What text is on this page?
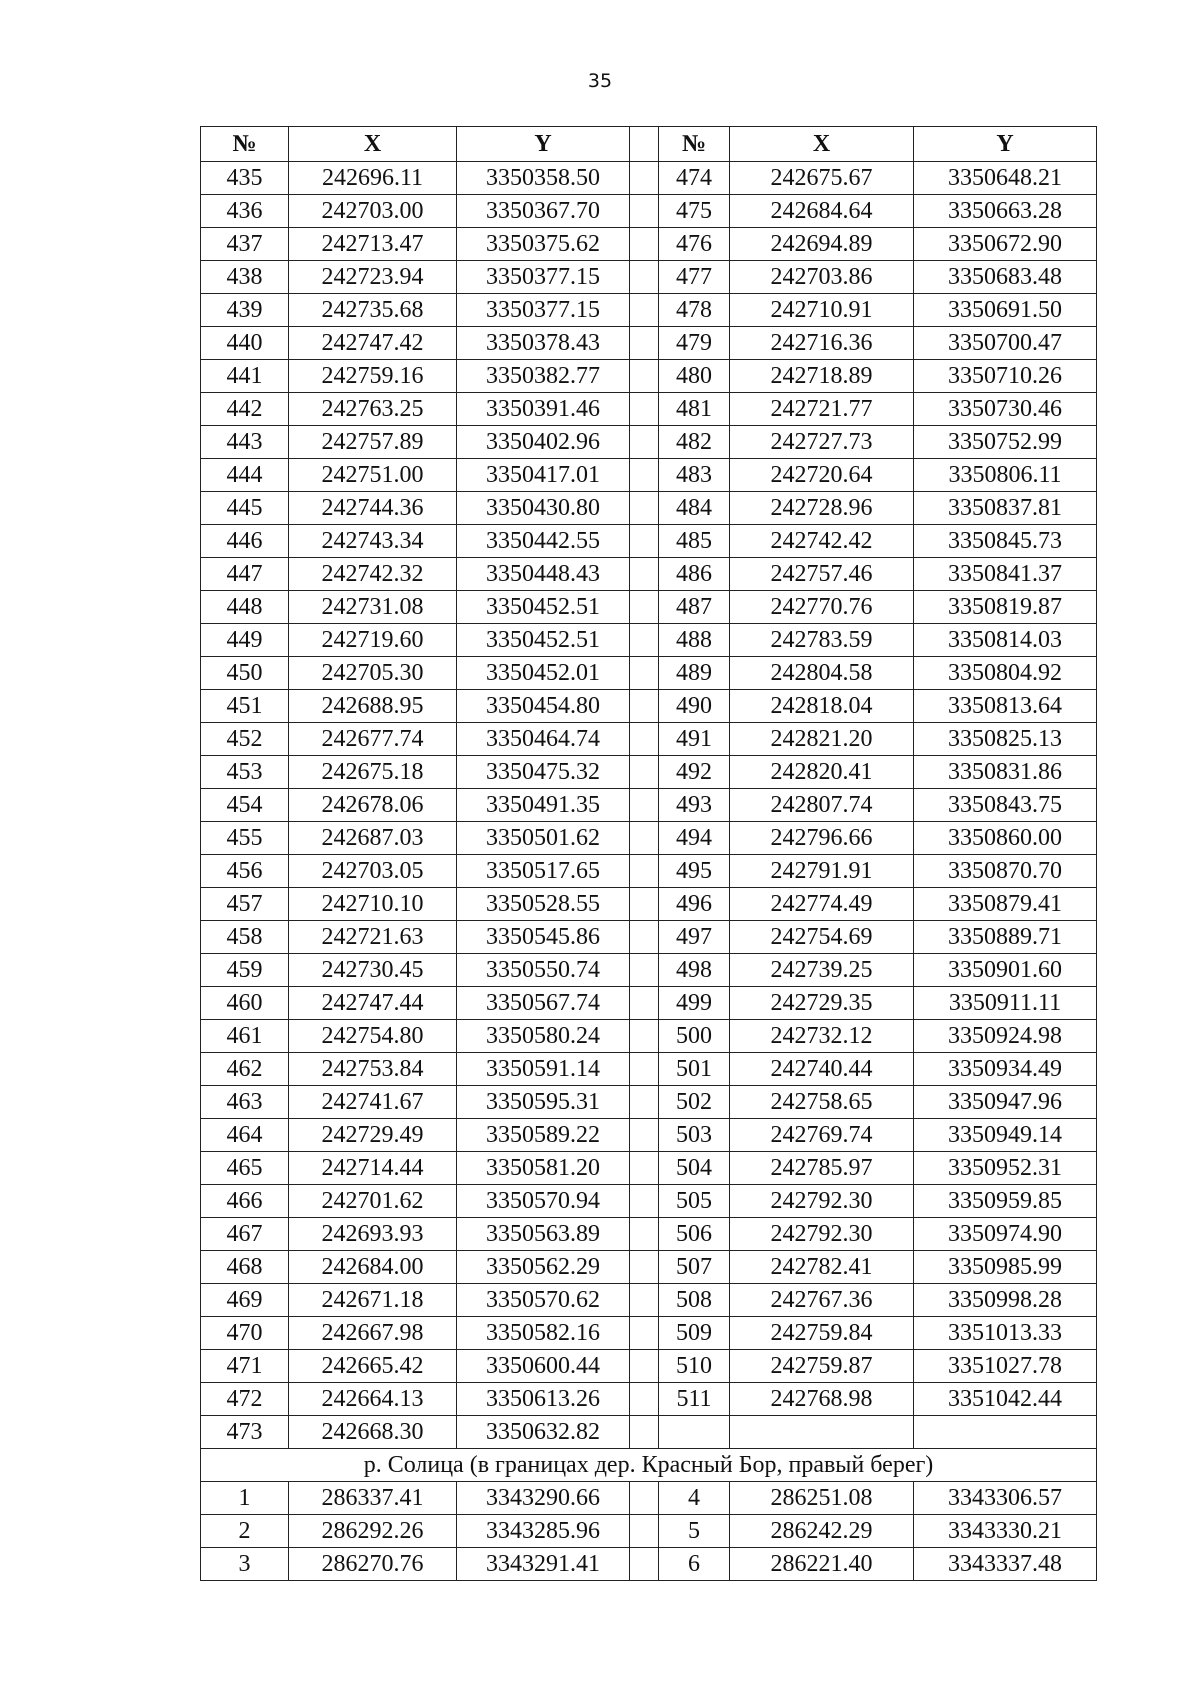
35
№	X	Y		№	X	Y
435	242696.11	3350358.50		474	242675.67	3350648.21
436	242703.00	3350367.70		475	242684.64	3350663.28
437	242713.47	3350375.62		476	242694.89	3350672.90
438	242723.94	3350377.15		477	242703.86	3350683.48
439	242735.68	3350377.15		478	242710.91	3350691.50
440	242747.42	3350378.43		479	242716.36	3350700.47
441	242759.16	3350382.77		480	242718.89	3350710.26
442	242763.25	3350391.46		481	242721.77	3350730.46
443	242757.89	3350402.96		482	242727.73	3350752.99
444	242751.00	3350417.01		483	242720.64	3350806.11
445	242744.36	3350430.80		484	242728.96	3350837.81
446	242743.34	3350442.55		485	242742.42	3350845.73
447	242742.32	3350448.43		486	242757.46	3350841.37
448	242731.08	3350452.51		487	242770.76	3350819.87
449	242719.60	3350452.51		488	242783.59	3350814.03
450	242705.30	3350452.01		489	242804.58	3350804.92
451	242688.95	3350454.80		490	242818.04	3350813.64
452	242677.74	3350464.74		491	242821.20	3350825.13
453	242675.18	3350475.32		492	242820.41	3350831.86
454	242678.06	3350491.35		493	242807.74	3350843.75
455	242687.03	3350501.62		494	242796.66	3350860.00
456	242703.05	3350517.65		495	242791.91	3350870.70
457	242710.10	3350528.55		496	242774.49	3350879.41
458	242721.63	3350545.86		497	242754.69	3350889.71
459	242730.45	3350550.74		498	242739.25	3350901.60
460	242747.44	3350567.74		499	242729.35	3350911.11
461	242754.80	3350580.24		500	242732.12	3350924.98
462	242753.84	3350591.14		501	242740.44	3350934.49
463	242741.67	3350595.31		502	242758.65	3350947.96
464	242729.49	3350589.22		503	242769.74	3350949.14
465	242714.44	3350581.20		504	242785.97	3350952.31
466	242701.62	3350570.94		505	242792.30	3350959.85
467	242693.93	3350563.89		506	242792.30	3350974.90
468	242684.00	3350562.29		507	242782.41	3350985.99
469	242671.18	3350570.62		508	242767.36	3350998.28
470	242667.98	3350582.16		509	242759.84	3351013.33
471	242665.42	3350600.44		510	242759.87	3351027.78
472	242664.13	3350613.26		511	242768.98	3351042.44
473	242668.30	3350632.82				
р. Солица (в границах дер. Красный Бор, правый берег)						
1	286337.41	3343290.66		4	286251.08	3343306.57
2	286292.26	3343285.96		5	286242.29	3343330.21
3	286270.76	3343291.41		6	286221.40	3343337.48
